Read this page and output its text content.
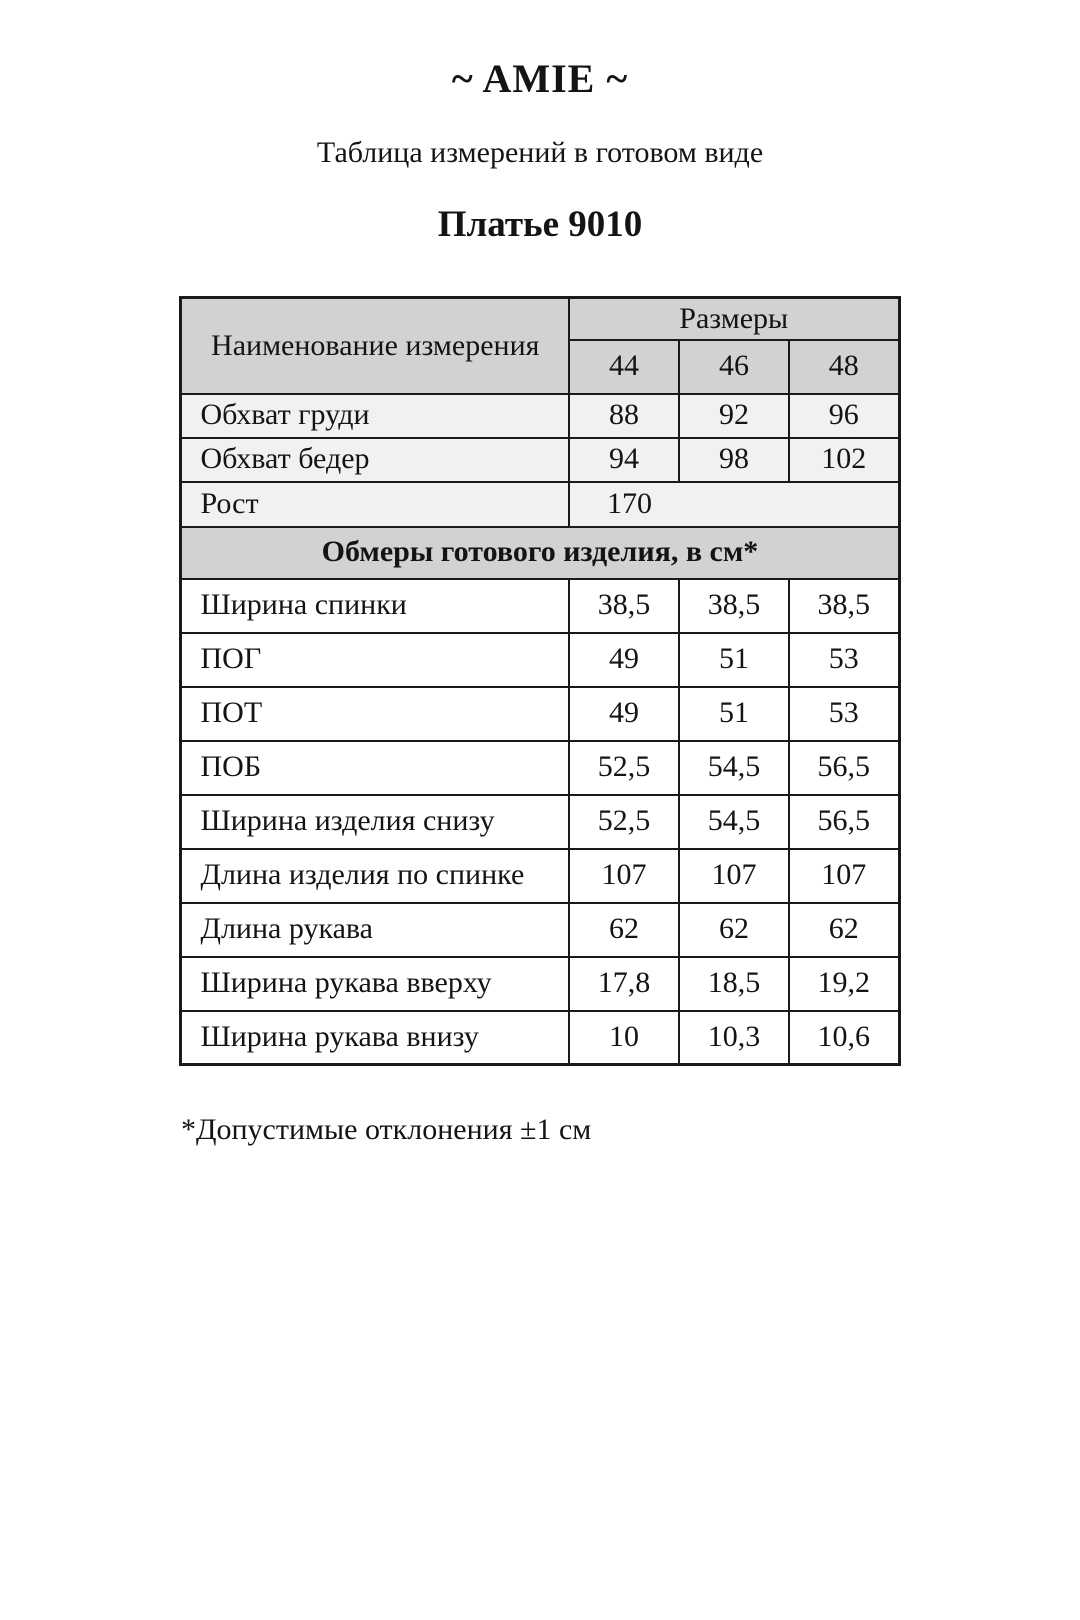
~ AMIE ~

Таблица измерений в готовом виде

Платье 9010
Наименование измерения	Размеры		
	44	46	48
Обхват груди	88	92	96
Обхват бедер	94	98	102
Рост	170		
Обмеры готового изделия, в см*			
Ширина спинки	38,5	38,5	38,5
ПОГ	49	51	53
ПОТ	49	51	53
ПОБ	52,5	54,5	56,5
Ширина изделия снизу	52,5	54,5	56,5
Длина изделия по спинке	107	107	107
Длина рукава	62	62	62
Ширина рукава вверху	17,8	18,5	19,2
Ширина рукава внизу	10	10,3	10,6

*Допустимые отклонения ±1 см
